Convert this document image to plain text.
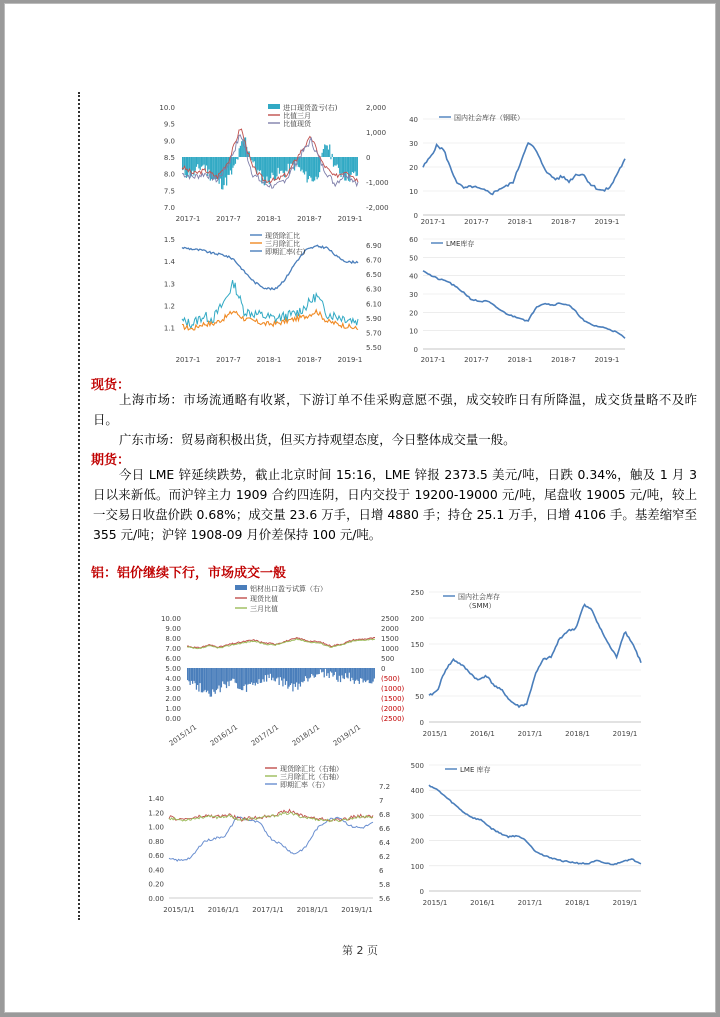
10.0
9.5
9.0
8.5
8.0
7.5
7.0
2,000
1,000
0
-1,000
-2,000
2017-1 2017-7 2018-1 2018-7 2019-1
进口现货盈亏(右)
比值三月
比值现货	40
30
20
10
0
2017-1	2017-7	2018-1	2018-7	2019-1
国内社会库存（钢联）
1.5
1.4
1.3
1.2
1.1
6.90
6.70
6.50
6.30
6.10
5.90
5.70
5.50
2017-1 2017-7 2018-1 2018-7 2019-1
现货除汇比
三月除汇比
即期汇率(右)
60
50
40
30
20
10
0
2017-1	2017-7	2018-1	2018-7	2019-1
LME库存
现货：
上海市场：市场流通略有收紧，下游订单不佳采购意愿不强，成交较昨日有所降温，成交货量略不及昨日。
广东市场：贸易商积极出货，但买方持观望态度，今日整体成交量一般。
期货：
今日 LME 锌延续跌势，截止北京时间 15:16，LME 锌报 2373.5 美元/吨，日跌 0.34%，触及 1 月 3 日以来新低。而沪锌主力 1909 合约四连阴，日内交投于 19200-19000 元/吨，尾盘收 19005 元/吨，较上一交易日收盘价跌 0.68%；成交量 23.6 万手，日增 4880 手；持仓 25.1 万手，日增 4106 手。基差缩窄至 355 元/吨；沪锌 1908-09 月价差保持 100 元/吨。
铝：铝价继续下行，市场成交一般
10.00
9.00
8.00
7.00
6.00
5.00
4.00
3.00
2.00
1.00
0.00
2500
2000
1500
1000
500
0
(500)
(1000)
(1500)
(2000)
(2500)
2015/1/1 2016/1/1 2017/1/1 2018/1/1 2019/1/1
铝材出口盈亏试算（右）
现货比值
三月比值
250
200
150
100
50
0
2015/1	2016/1	2017/1	2018/1	2019/1
国内社会库存
（SMM）
1.40
1.20
1.00
0.80
0.60
0.40
0.20
0.00
7.2
7
6.8
6.6
6.4
6.2
6
5.8
5.6
2015/1/1 2016/1/1 2017/1/1 2018/1/1 2019/1/1
现货除汇比（右轴）
三月除汇比（右轴）
即期汇率（右）
500
400
300
200
100
0
2015/1	2016/1	2017/1	2018/1	2019/1
LME 库存
第 2 页
